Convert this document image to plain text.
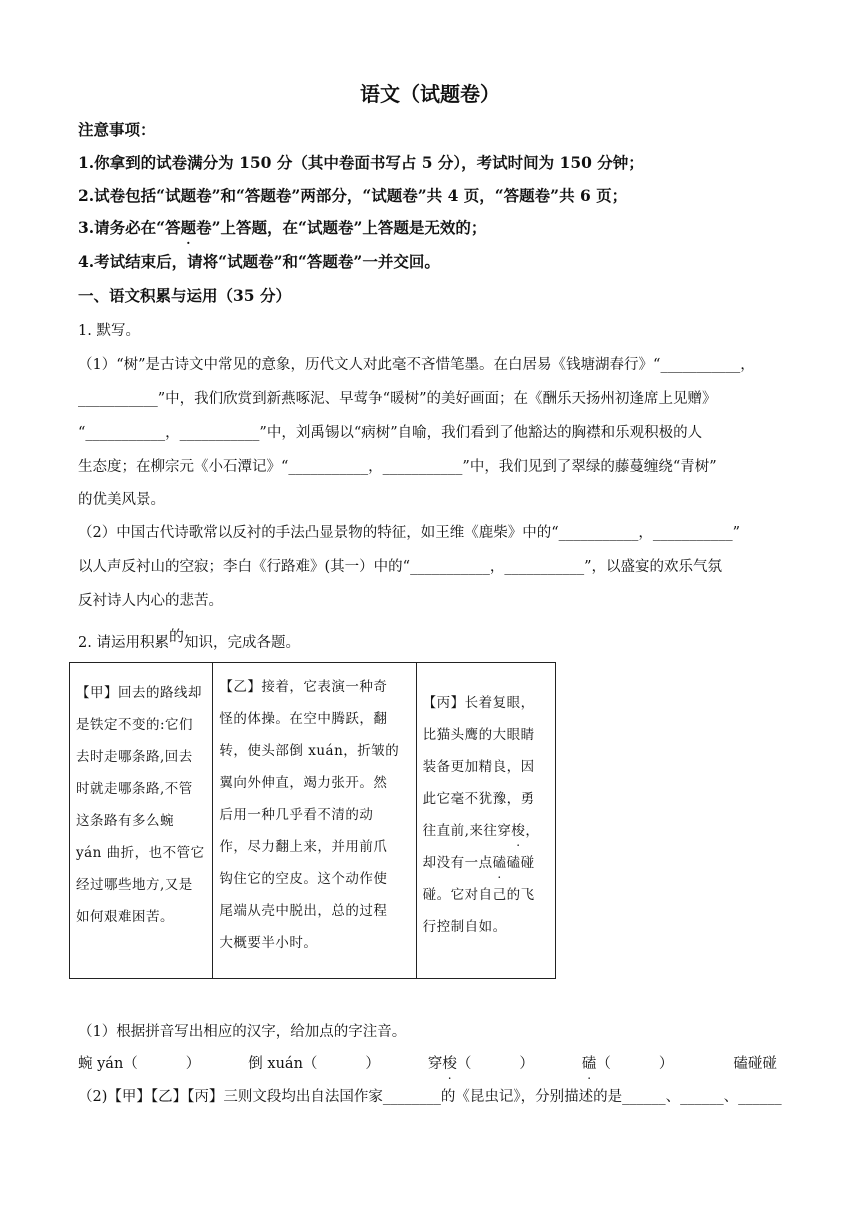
语文（试题卷）
注意事项：
1.你拿到的试卷满分为 150 分（其中卷面书写占 5 分），考试时间为 150 分钟；
2.试卷包括“试题卷”和“答题卷”两部分，“试题卷”共 4 页，“答题卷”共 6 页；
3.请务必在“答题卷”上答题，在“试题卷”上答题是无效的；
4.考试结束后，请将“试题卷”和“答题卷”一并交回。
一、语文积累与运用（35 分）
1. 默写。
（1）“树”是古诗文中常见的意象，历代文人对此毫不吝惜笔墨。在白居易《钱塘湖春行》“___________，
___________”中，我们欣赏到新燕啄泥、早莺争“暖树”的美好画面；在《酬乐天扬州初逢席上见赠》
“___________，___________”中，刘禹锡以“病树”自喻，我们看到了他豁达的胸襟和乐观积极的人
生态度；在柳宗元《小石潭记》“___________，___________”中，我们见到了翠绿的藤蔓缠绕“青树”
的优美风景。
（2）中国古代诗歌常以反衬的手法凸显景物的特征，如王维《鹿柴》中的“___________，___________”
以人声反衬山的空寂；李白《行路难》(其一）中的“___________，___________”，以盛宴的欢乐气氛
反衬诗人内心的悲苦。
2. 请运用积累的知识，完成各题。
【甲】回去的路线却
是铁定不变的:它们
去时走哪条路,回去
时就走哪条路,不管
这条路有多么蜿
yán 曲折，也不管它
经过哪些地方,又是
如何艰难困苦。
【乙】接着，它表演一种奇
怪的体操。在空中腾跃，翻
转，使头部倒 xuán，折皱的
翼向外伸直，竭力张开。然
后用一种几乎看不清的动
作，尽力翻上来，并用前爪
钩住它的空皮。这个动作使
尾端从壳中脱出，总的过程
大概要半小时。
【丙】长着复眼，
比猫头鹰的大眼睛
装备更加精良，因
此它毫不犹豫，勇
往直前,来往穿梭，
却没有一点磕磕碰
碰。它对自己的飞
行控制自如。
（1）根据拼音写出相应的汉字，给加点的字注音。
蜿 yán（	）	倒 xuán（	）	穿梭（	）	磕（	）	磕碰碰
（2)【甲】【乙】【丙】三则文段均出自法国作家________的《昆虫记》，分别描述的是______、______、______
